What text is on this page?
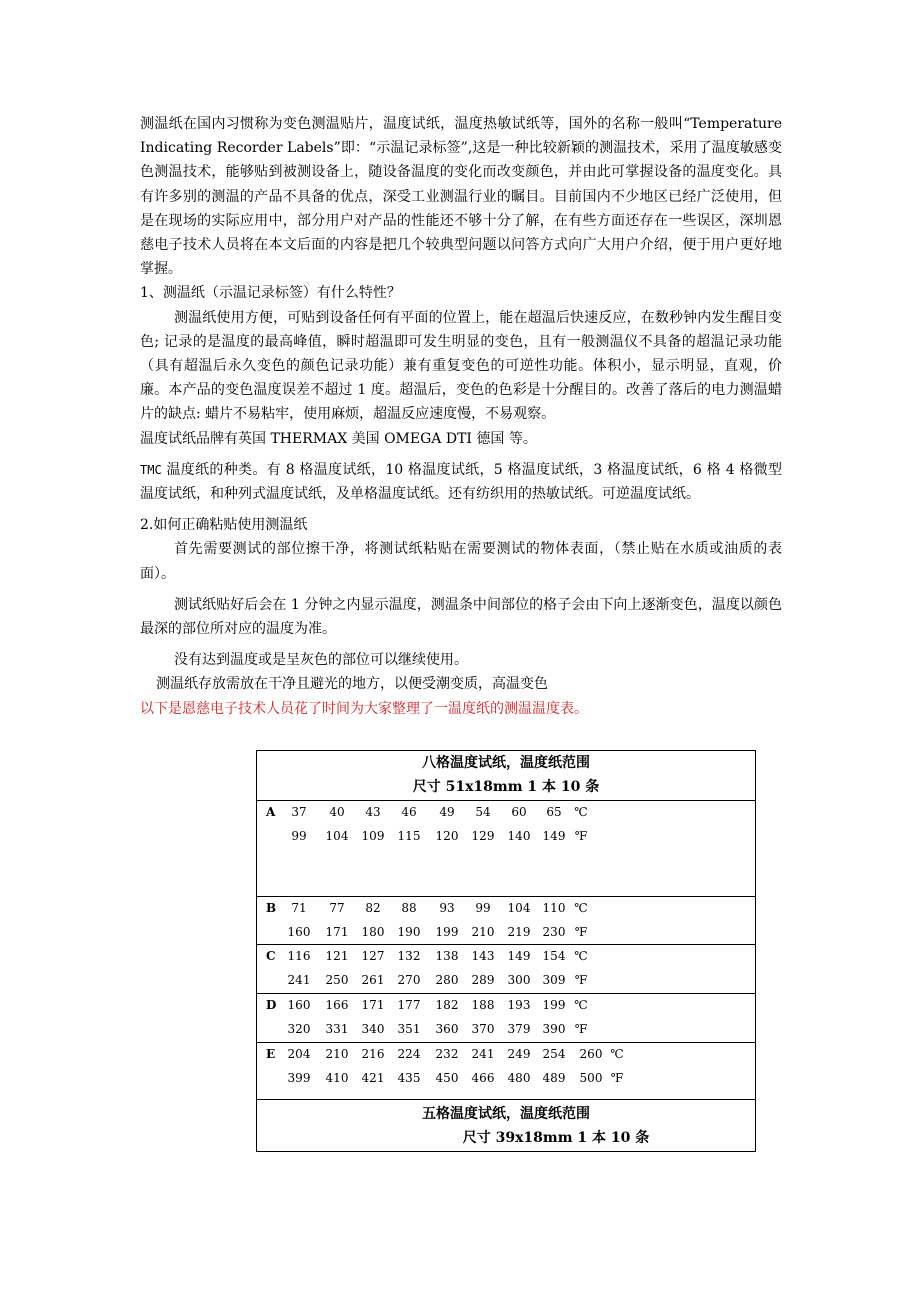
测温纸在国内习惯称为变色测温贴片，温度试纸，温度热敏试纸等，国外的名称一般叫“Temperature Indicating Recorder Labels”即：“示温记录标签”,这是一种比较新颖的测温技术，采用了温度敏感变色测温技术，能够贴到被测设备上，随设备温度的变化而改变颜色，并由此可掌握设备的温度变化。具有许多别的测温的产品不具备的优点，深受工业测温行业的瞩目。目前国内不少地区已经广泛使用，但是在现场的实际应用中，部分用户对产品的性能还不够十分了解，在有些方面还存在一些误区，深圳恩慈电子技术人员将在本文后面的内容是把几个较典型问题以问答方式向广大用户介绍，便于用户更好地掌握。

1、测温纸（示温记录标签）有什么特性？

测温纸使用方便，可贴到设备任何有平面的位置上，能在超温后快速反应，在数秒钟内发生醒目变色; 记录的是温度的最高峰值，瞬时超温即可发生明显的变色，且有一般测温仪不具备的超温记录功能（具有超温后永久变色的颜色记录功能）兼有重复变色的可逆性功能。体积小，显示明显，直观，价廉。本产品的变色温度误差不超过 1 度。超温后，变色的色彩是十分醒目的。改善了落后的电力测温蜡片的缺点: 蜡片不易粘牢，使用麻烦，超温反应速度慢，不易观察。

温度试纸品牌有英国 THERMAX 美国 OMEGA DTI 德国 等。

TMC 温度纸的种类。有 8 格温度试纸，10 格温度试纸，5 格温度试纸，3 格温度试纸，6 格 4 格微型温度试纸，和种列式温度试纸，及单格温度试纸。还有纺织用的热敏试纸。可逆温度试纸。

2.如何正确粘贴使用测温纸

首先需要测试的部位擦干净，将测试纸粘贴在需要测试的物体表面，（禁止贴在水质或油质的表面）。

测试纸贴好后会在 1 分钟之内显示温度，测温条中间部位的格子会由下向上逐渐变色，温度以颜色最深的部位所对应的温度为准。

没有达到温度或是呈灰色的部位可以继续使用。

测温纸存放需放在干净且避光的地方，以便受潮变质，高温变色

以下是恩慈电子技术人员花了时间为大家整理了一温度纸的测温温度表。

八格温度试纸，温度纸范围
尺寸 51x18mm 1 本 10 条
A	37	40	43	46	49	54	60	65	℃
99	104	109	115	120	129	140	149 ℉
B	71	77	82	88	93	99	104	110 ℃
160	171	180	190	199	210	219	230 ℉
C 116	121	127	132	138	143	149	154 ℃
241	250	261	270	280	289	300	309 ℉
D 160	166	171	177	182	188	193	199 ℃
320	331	340	351	360	370	379	390 ℉
E	204	210	216	224	232	241	249	254	260 ℃
399	410	421	435	450	466	480	489	500 ℉
五格温度试纸，温度纸范围
尺寸 39x18mm 1 本 10 条
